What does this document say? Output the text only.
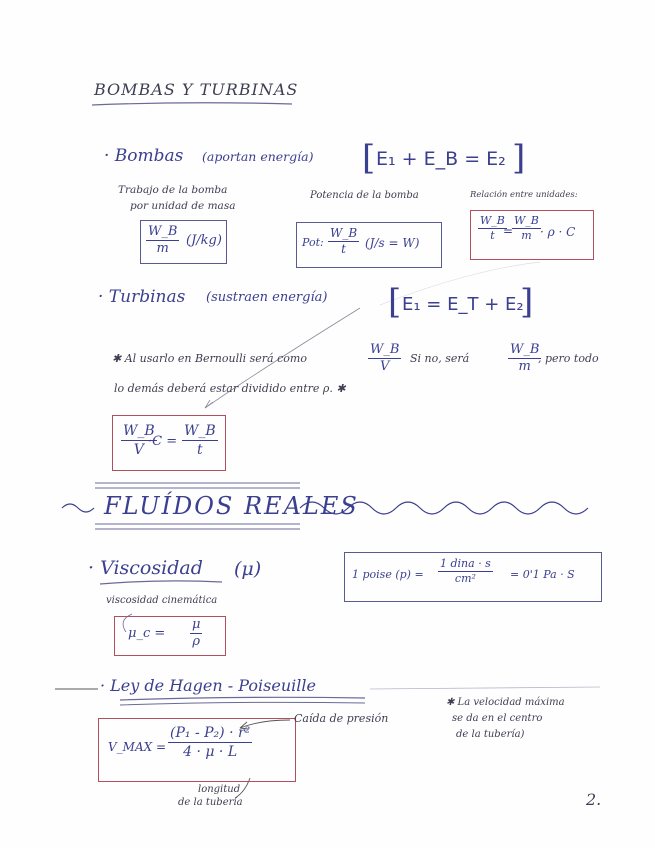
BOMBAS Y TURBINAS
· Bombas (aportan energía) [ E₁ + E_B = E₂ ]
Trabajo de la bomba
por unidad de masa
$\frac{W\_B}{m} (J/kg)$
Potencia de la bomba
Pot: $\frac{W\_B}{t} (J/s = W)$
Relación entre unidades:
$\frac{W\_B}{t}$
=
$\frac{W\_B}{m} \cdot \rho \cdot C$
· Turbinas (sustraen energía) [ E₁ = E_T + E₂
]
✱ Al usarlo en Bernoulli será como	$\frac{W\_B}{V}$ Si no, será	$\frac{W\_B}{m}$
, pero todo
lo demás deberá estar dividido entre ρ. ✱
$\frac{W\_B}{V}$
$\cdot C = \frac{W\_B}{t}$
FLUÍDOS REALES
· Viscosidad (μ)	1 poise (p) =
1 dina · s
cm²	= 0'1 Pa · S
viscosidad cinemática
μ_c = $\frac{\mu}{\rho}$
· Ley de Hagen - Poiseuille
V_MAX = $\frac{\text{(P₁ - P₂) · r²}}{4 \cdot \mu \cdot L}$
Caída de presión
✱ La velocidad máxima
se da en el centro
de la tubería)
longitud
de la tubería	2.
